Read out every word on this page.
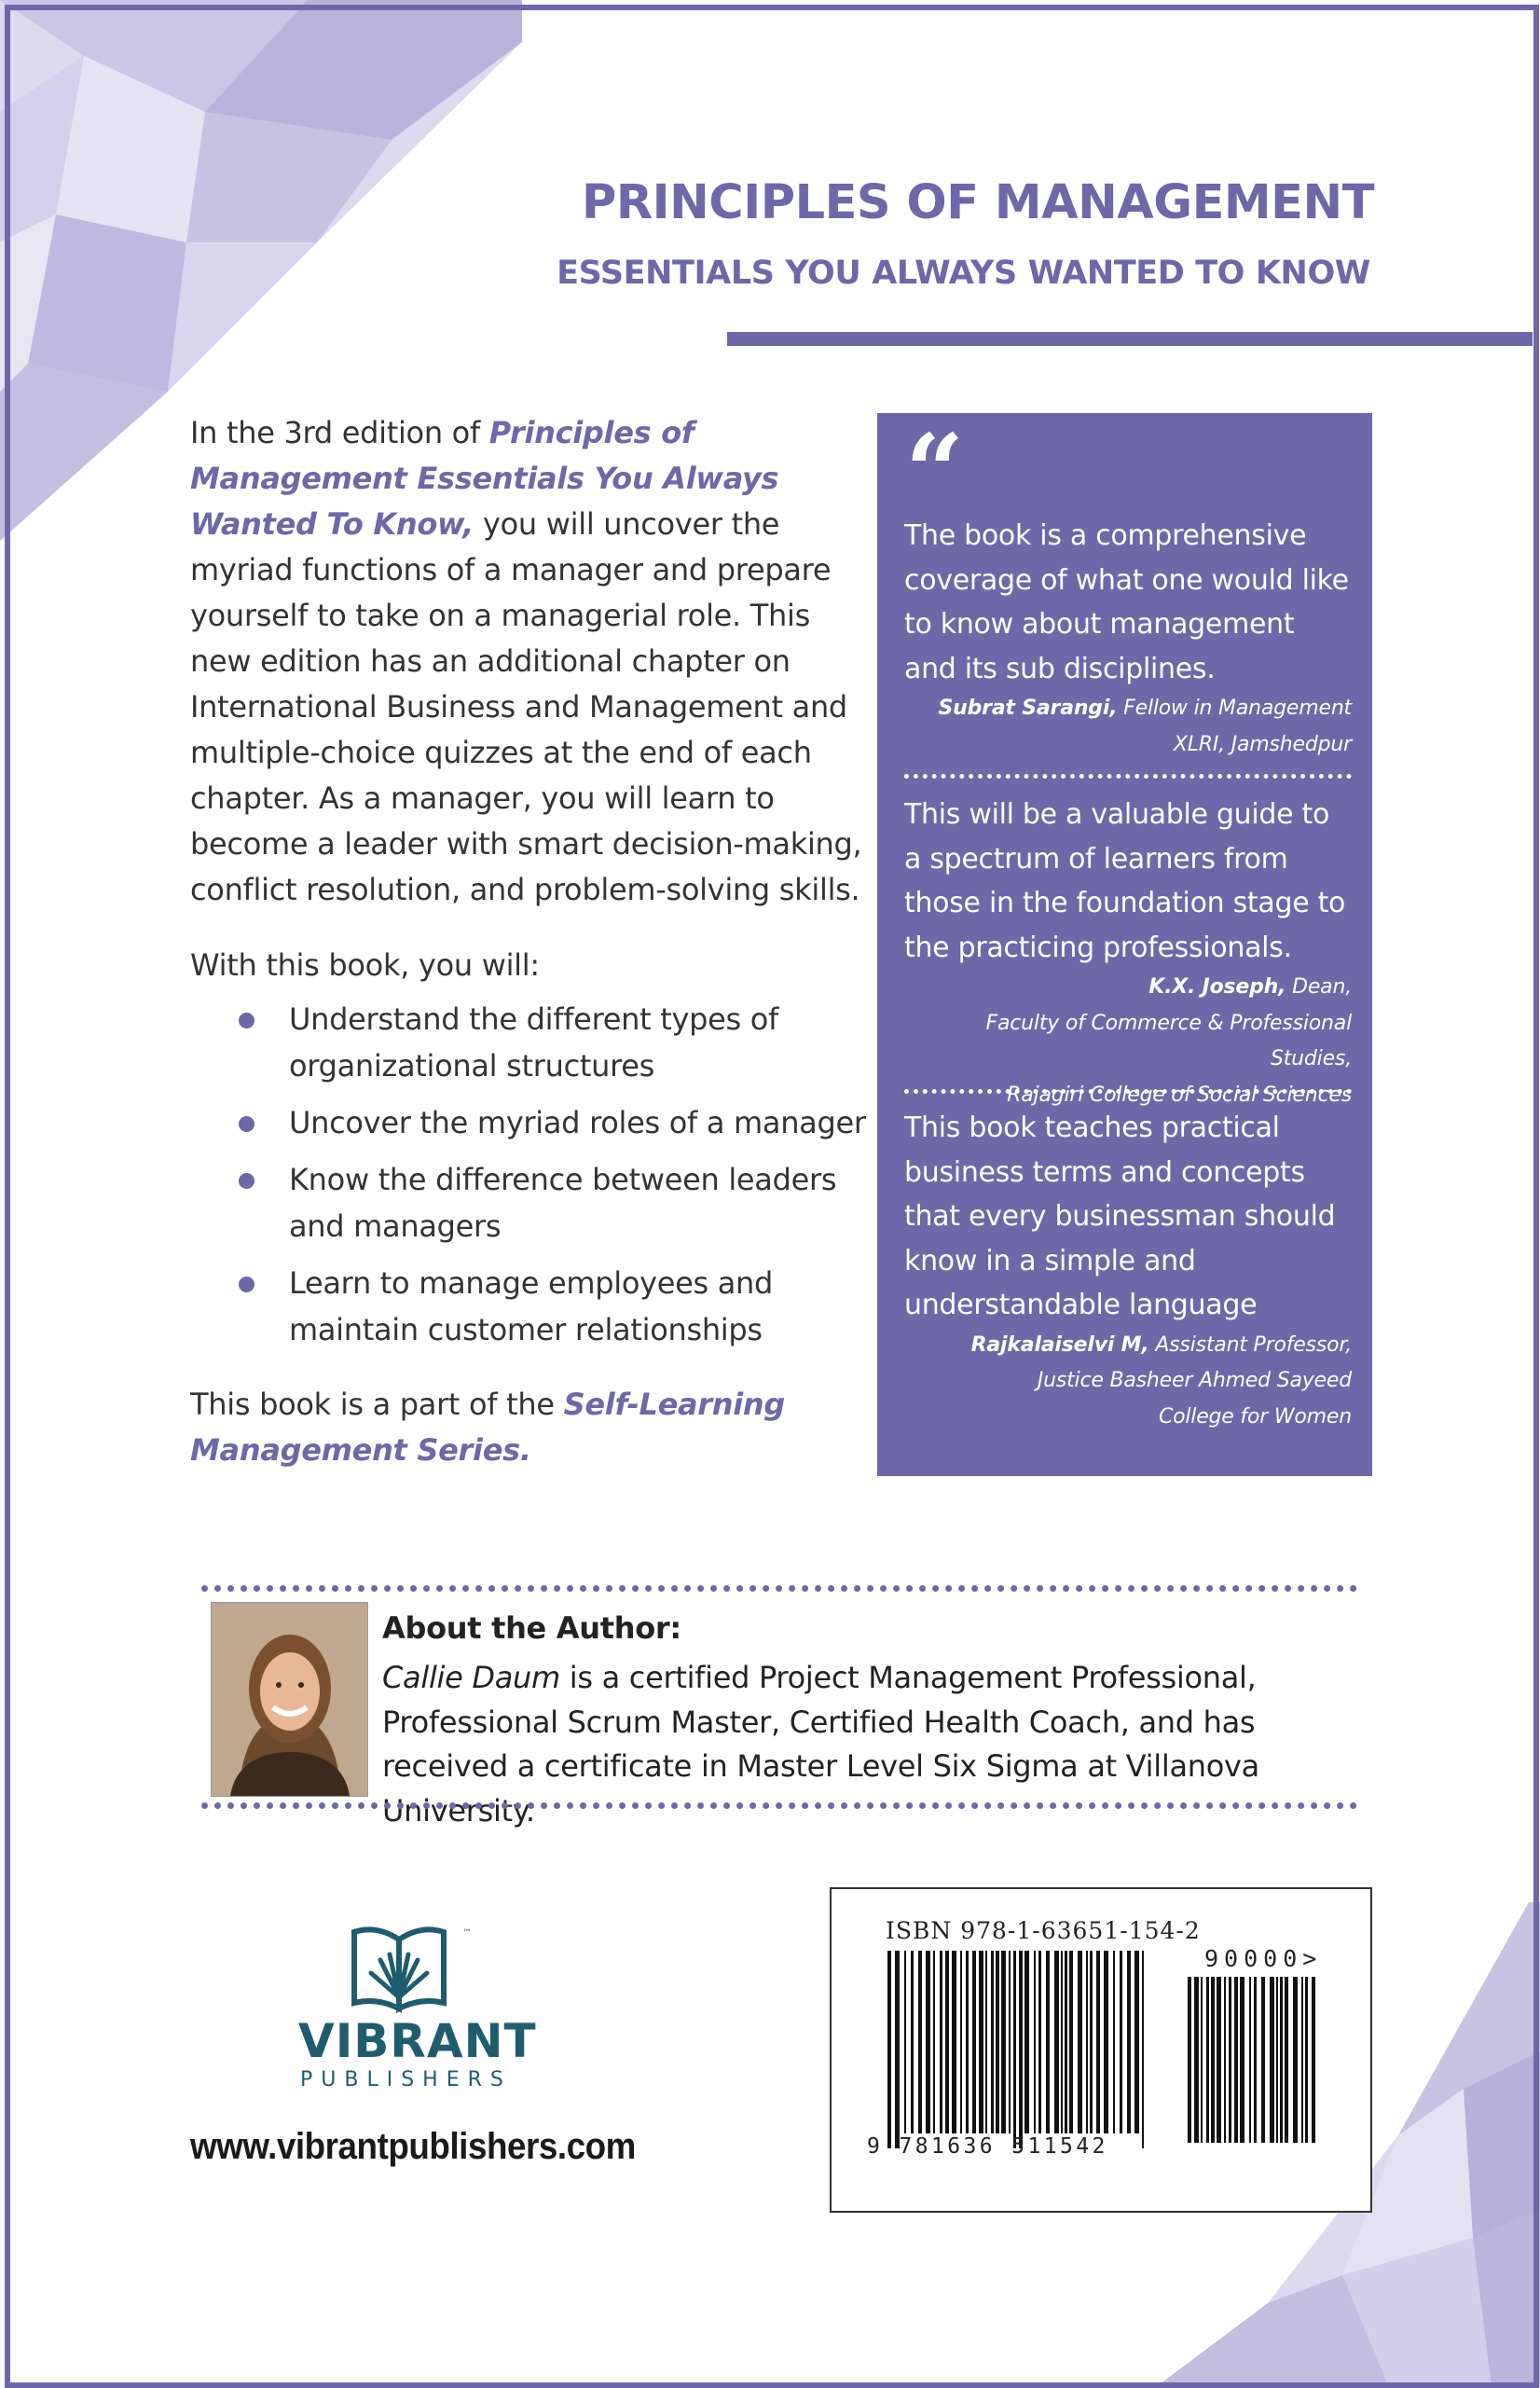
PRINCIPLES OF MANAGEMENT
ESSENTIALS YOU ALWAYS WANTED TO KNOW
In the 3rd edition of Principles of Management Essentials You Always Wanted To Know, you will uncover the myriad functions of a manager and prepare yourself to take on a managerial role. This new edition has an additional chapter on International Business and Management and multiple-choice quizzes at the end of each chapter. As a manager, you will learn to become a leader with smart decision-making, conflict resolution, and problem-solving skills.
With this book, you will:
Understand the different types of organizational structures
Uncover the myriad roles of a manager
Know the difference between leaders and managers
Learn to manage employees and maintain customer relationships
This book is a part of the Self-Learning Management Series.
“
The book is a comprehensive coverage of what one would like to know about management and its sub disciplines.
Subrat Sarangi, Fellow in Management
XLRI, Jamshedpur
This will be a valuable guide to a spectrum of learners from those in the foundation stage to the practicing professionals.
K.X. Joseph, Dean,
Faculty of Commerce & Professional Studies,
Rajagiri College of Social Sciences
This book teaches practical business terms and concepts that every businessman should know in a simple and understandable language
Rajkalaiselvi M, Assistant Professor,
Justice Basheer Ahmed Sayeed
College for Women
About the Author:
Callie Daum is a certified Project Management Professional, Professional Scrum Master, Certified Health Coach, and has received a certificate in Master Level Six Sigma at Villanova University.
™
VIBRANT
PUBLISHERS
www.vibrantpublishers.com
ISBN 978-1-63651-154-2
90000>
9 781636 511542
